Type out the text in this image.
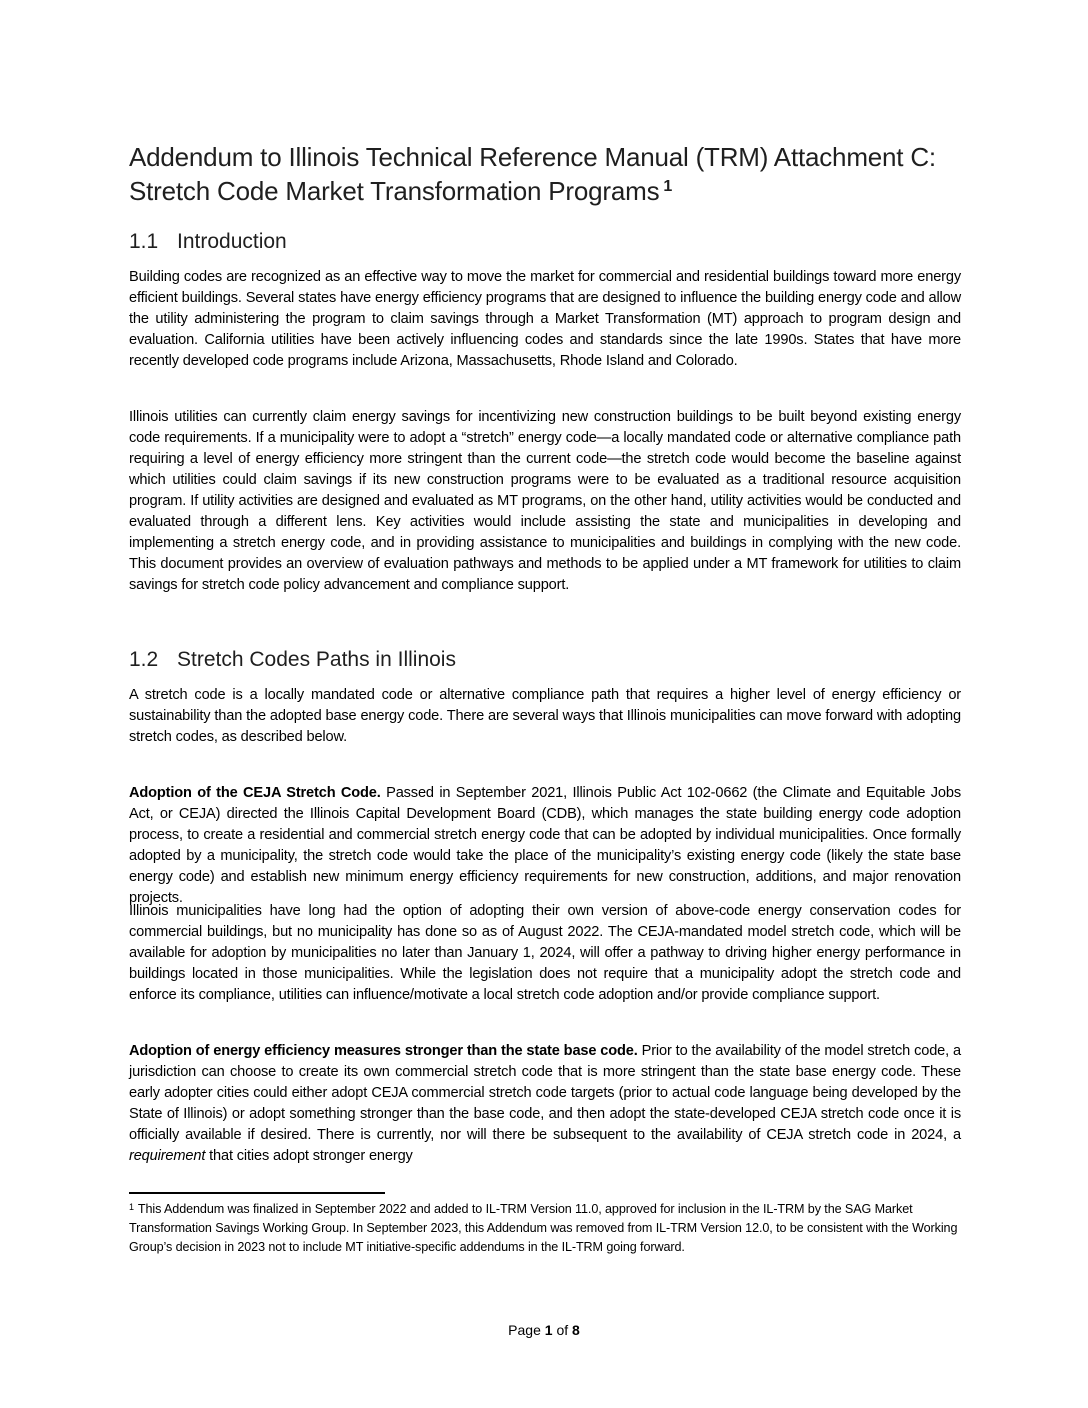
Addendum to Illinois Technical Reference Manual (TRM) Attachment C:
Stretch Code Market Transformation Programs $^1$
1.1 Introduction

Building codes are recognized as an effective way to move the market for commercial and residential buildings toward more energy efficient buildings. Several states have energy efficiency programs that are designed to influence the building energy code and allow the utility administering the program to claim savings through a Market Transformation (MT) approach to program design and evaluation. California utilities have been actively influencing codes and standards since the late 1990s. States that have more recently developed code programs include Arizona, Massachusetts, Rhode Island and Colorado.

Illinois utilities can currently claim energy savings for incentivizing new construction buildings to be built beyond existing energy code requirements. If a municipality were to adopt a “stretch” energy code—a locally mandated code or alternative compliance path requiring a level of energy efficiency more stringent than the current code—the stretch code would become the baseline against which utilities could claim savings if its new construction programs were to be evaluated as a traditional resource acquisition program. If utility activities are designed and evaluated as MT programs, on the other hand, utility activities would be conducted and evaluated through a different lens. Key activities would include assisting the state and municipalities in developing and implementing a stretch energy code, and in providing assistance to municipalities and buildings in complying with the new code. This document provides an overview of evaluation pathways and methods to be applied under a MT framework for utilities to claim savings for stretch code policy advancement and compliance support.

1.2 Stretch Codes Paths in Illinois

A stretch code is a locally mandated code or alternative compliance path that requires a higher level of energy efficiency or sustainability than the adopted base energy code. There are several ways that Illinois municipalities can move forward with adopting stretch codes, as described below.

Adoption of the CEJA Stretch Code. Passed in September 2021, Illinois Public Act 102-0662 (the Climate and Equitable Jobs Act, or CEJA) directed the Illinois Capital Development Board (CDB), which manages the state building energy code adoption process, to create a residential and commercial stretch energy code that can be adopted by individual municipalities. Once formally adopted by a municipality, the stretch code would take the place of the municipality’s existing energy code (likely the state base energy code) and establish new minimum energy efficiency requirements for new construction, additions, and major renovation projects.

Illinois municipalities have long had the option of adopting their own version of above-code energy conservation codes for commercial buildings, but no municipality has done so as of August 2022. The CEJA-mandated model stretch code, which will be available for adoption by municipalities no later than January 1, 2024, will offer a pathway to driving higher energy performance in buildings located in those municipalities. While the legislation does not require that a municipality adopt the stretch code and enforce its compliance, utilities can influence/motivate a local stretch code adoption and/or provide compliance support.

Adoption of energy efficiency measures stronger than the state base code. Prior to the availability of the model stretch code, a jurisdiction can choose to create its own commercial stretch code that is more stringent than the state base energy code. These early adopter cities could either adopt CEJA commercial stretch code targets (prior to actual code language being developed by the State of Illinois) or adopt something stronger than the base code, and then adopt the state-developed CEJA stretch code once it is officially available if desired. There is currently, nor will there be subsequent to the availability of CEJA stretch code in 2024, a requirement that cities adopt stronger energy

$^1$ This Addendum was finalized in September 2022 and added to IL-TRM Version 11.0, approved for inclusion in the IL-TRM by the SAG Market Transformation Savings Working Group. In September 2023, this Addendum was removed from IL-TRM Version 12.0, to be consistent with the Working Group’s decision in 2023 not to include MT initiative-specific addendums in the IL-TRM going forward.
Page 1 of 8
